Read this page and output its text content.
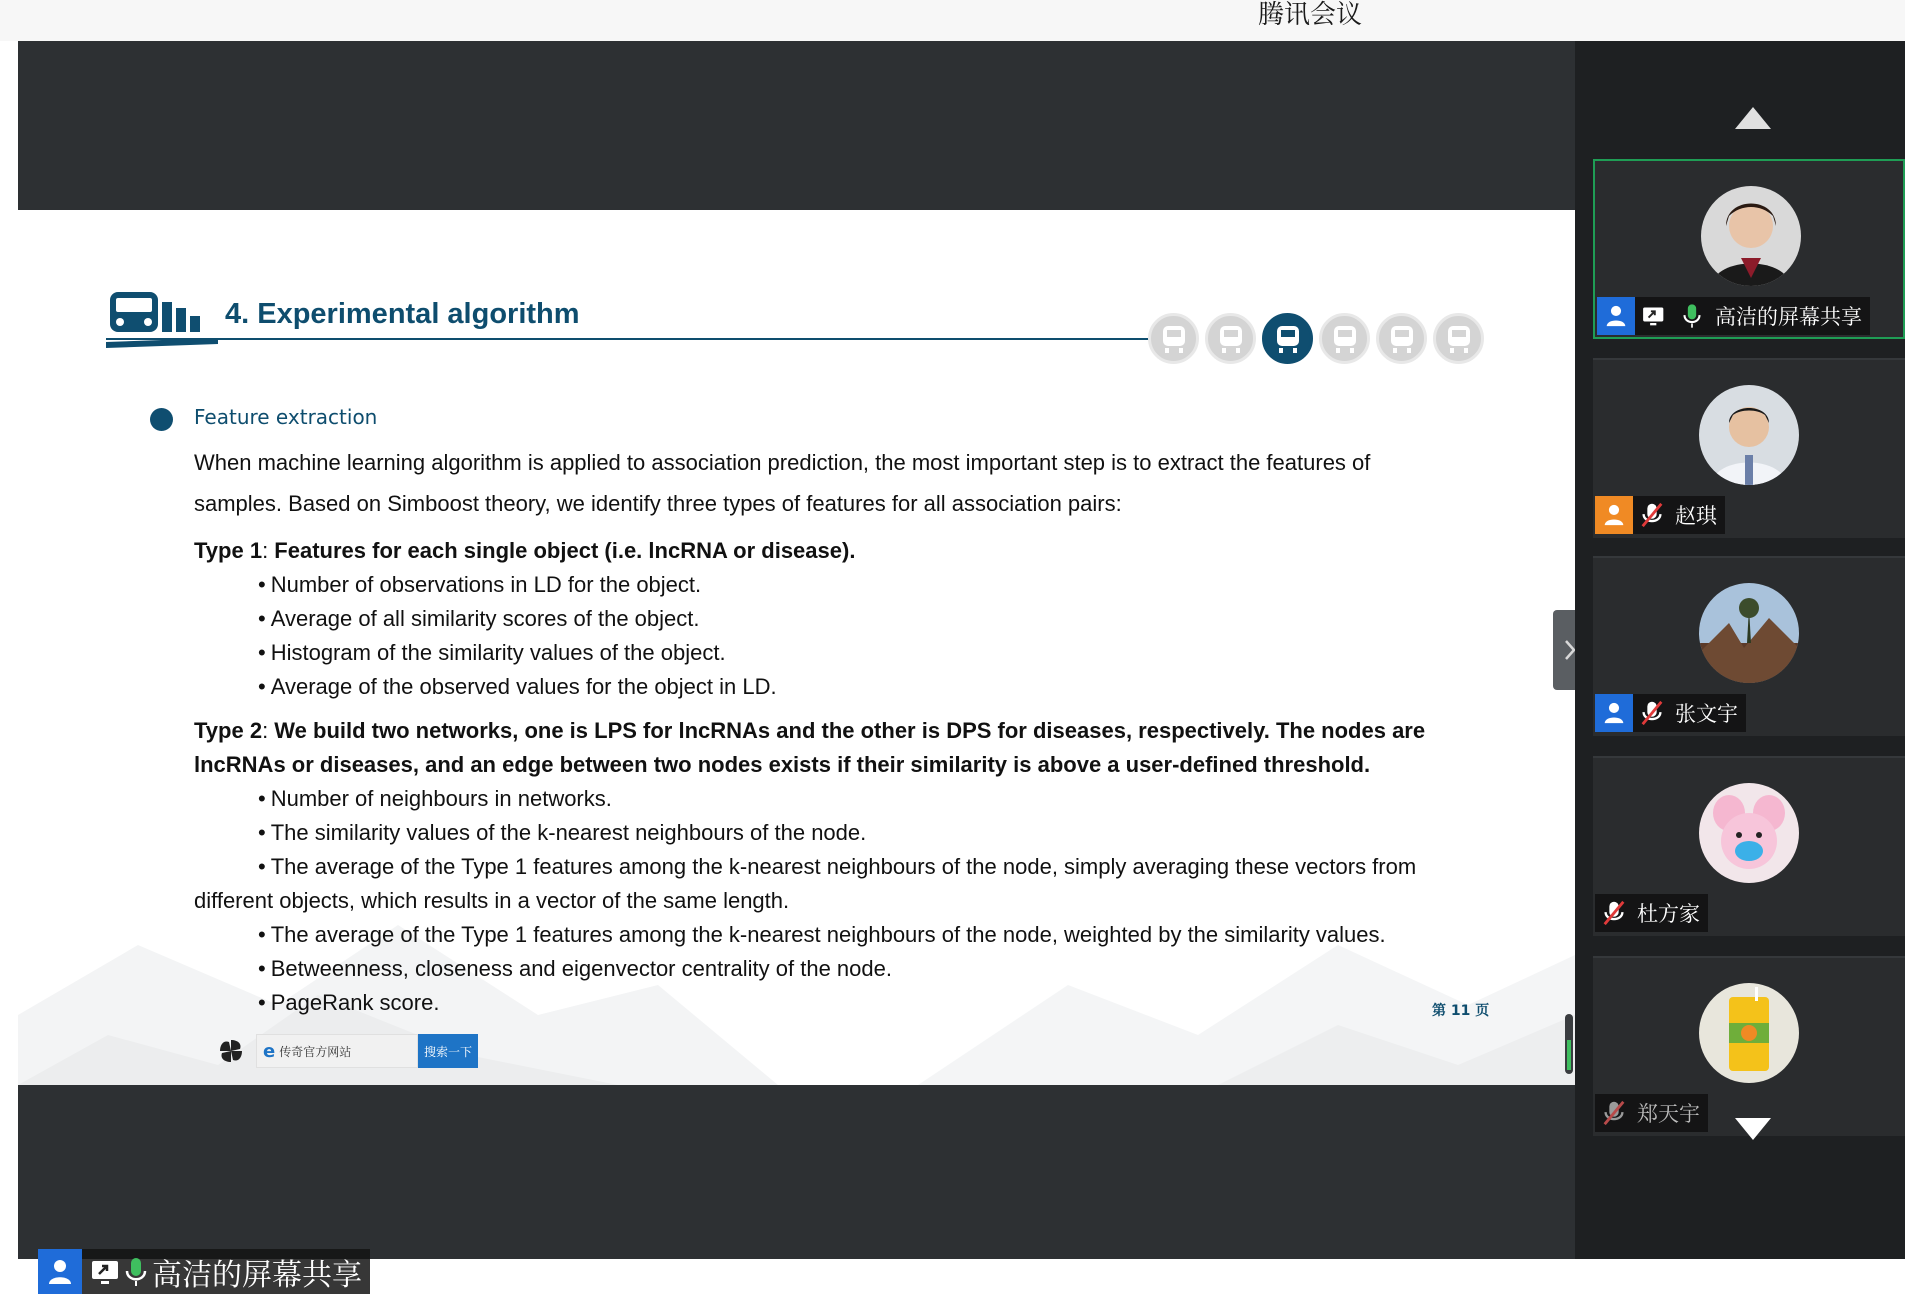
腾讯会议
4. Experimental algorithm
Feature extraction
When machine learning algorithm is applied to association prediction, the most important step is to extract the features of
samples. Based on Simboost theory, we identify three types of features for all association pairs:
Type 1: Features for each single object (i.e. lncRNA or disease).
• Number of observations in LD for the object.
• Average of all similarity scores of the object.
• Histogram of the similarity values of the object.
• Average of the observed values for the object in LD.
Type 2: We build two networks, one is LPS for lncRNAs and the other is DPS for diseases, respectively. The nodes are
lncRNAs or diseases, and an edge between two nodes exists if their similarity is above a user-defined threshold.
• Number of neighbours in networks.
• The similarity values of the k-nearest neighbours of the node.
• The average of the Type 1 features among the k-nearest neighbours of the node, simply averaging these vectors from
different objects, which results in a vector of the same length.
• The average of the Type 1 features among the k-nearest neighbours of the node, weighted by the similarity values.
• Betweenness, closeness and eigenvector centrality of the node.
• PageRank score.	第 11 页
e 传奇官方网站	搜索一下
高洁的屏幕共享
高洁的屏幕共享
赵琪
张文宇
杜方家
郑天宇
